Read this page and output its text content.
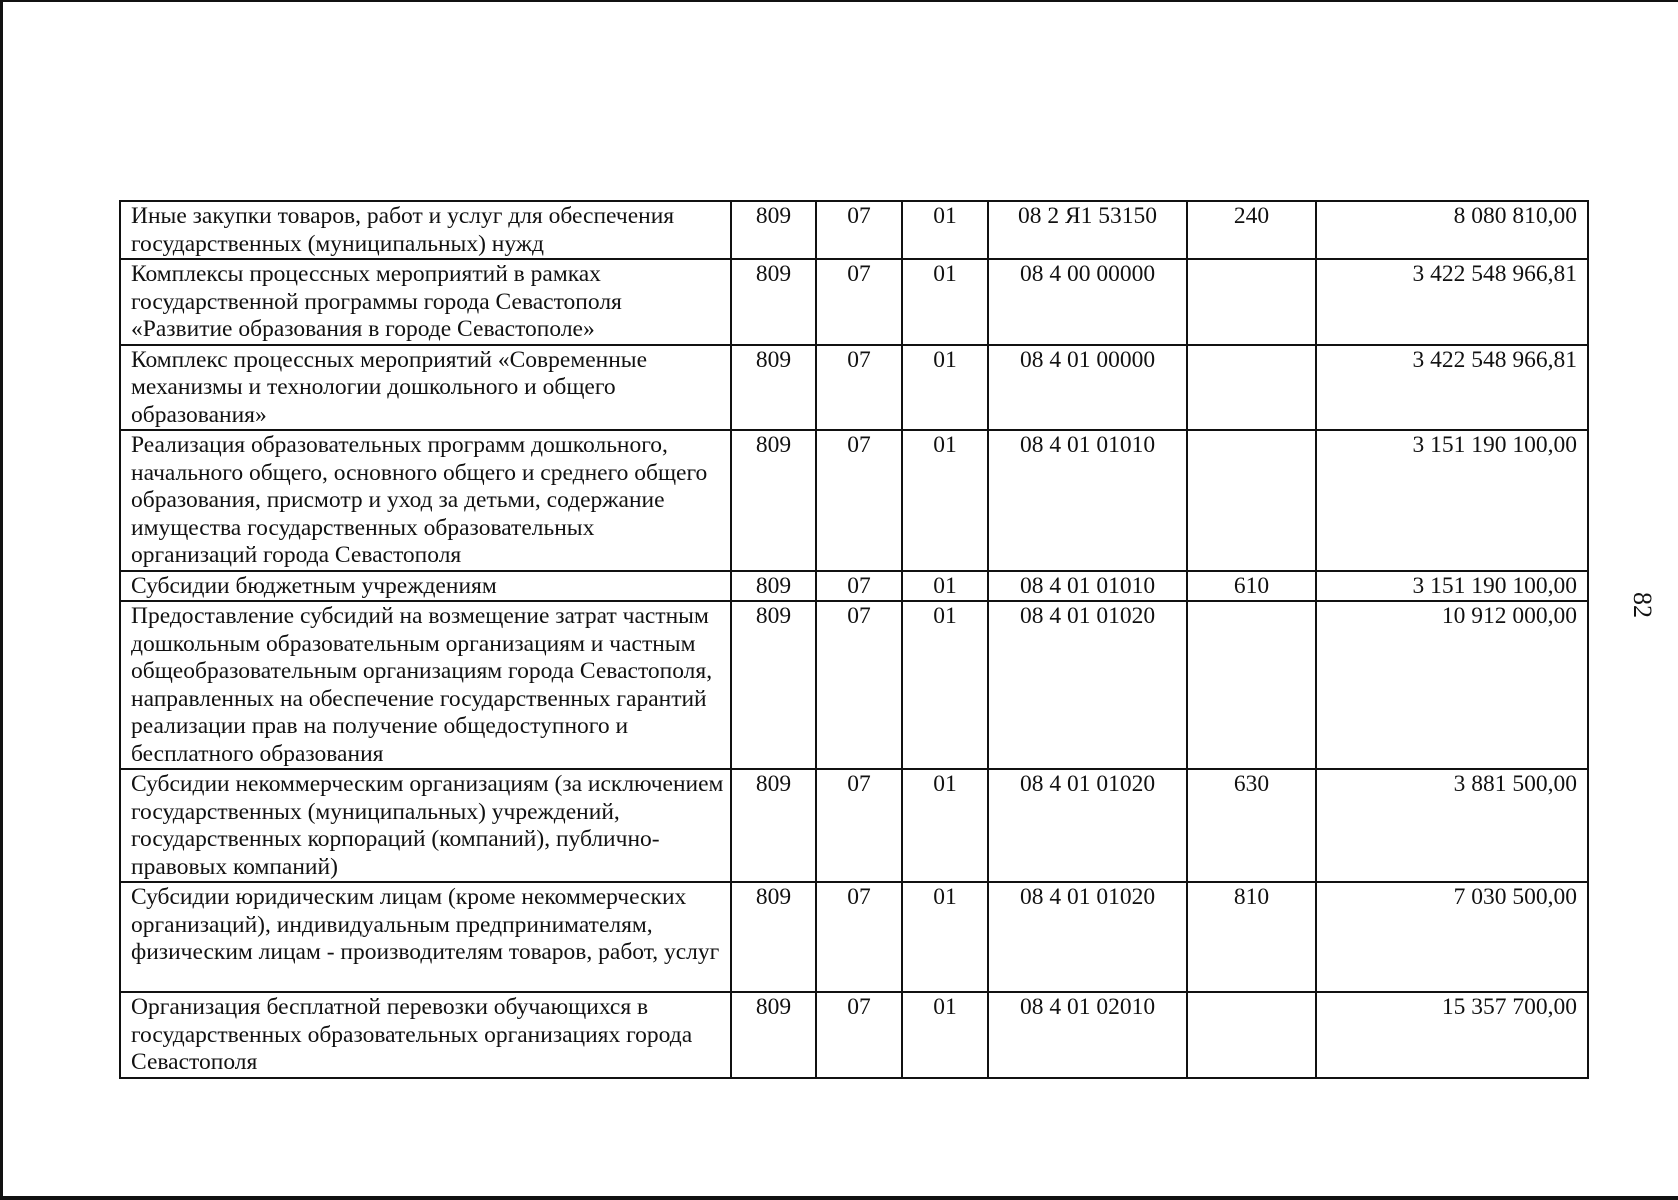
Иные закупки товаров, работ и услуг для обеспечения государственных (муниципальных) нужд	809	07	01	08 2 Я1 53150	240	8 080 810,00
Комплексы процессных мероприятий в рамках государственной программы города Севастополя «Развитие образования в городе Севастополе»	809	07	01	08 4 00 00000		3 422 548 966,81
Комплекс процессных мероприятий «Современные механизмы и технологии дошкольного и общего образования»	809	07	01	08 4 01 00000		3 422 548 966,81
Реализация образовательных программ дошкольного, начального общего, основного общего и среднего общего образования, присмотр и уход за детьми, содержание имущества государственных образовательных организаций города Севастополя	809	07	01	08 4 01 01010		3 151 190 100,00
Субсидии бюджетным учреждениям	809	07	01	08 4 01 01010	610	3 151 190 100,00
Предоставление субсидий на возмещение затрат частным дошкольным образовательным организациям и частным общеобразовательным организациям города Севастополя, направленных на обеспечение государственных гарантий реализации прав на получение общедоступного и бесплатного образования	809	07	01	08 4 01 01020		10 912 000,00
Субсидии некоммерческим организациям (за исключением государственных (муниципальных) учреждений, государственных корпораций (компаний), публично-правовых компаний)	809	07	01	08 4 01 01020	630	3 881 500,00
Субсидии юридическим лицам (кроме некоммерческих организаций), индивидуальным предпринимателям, физическим лицам - производителям товаров, работ, услуг	809	07	01	08 4 01 01020	810	7 030 500,00
Организация бесплатной перевозки обучающихся в государственных образовательных организациях города Севастополя	809	07	01	08 4 01 02010		15 357 700,00
82
